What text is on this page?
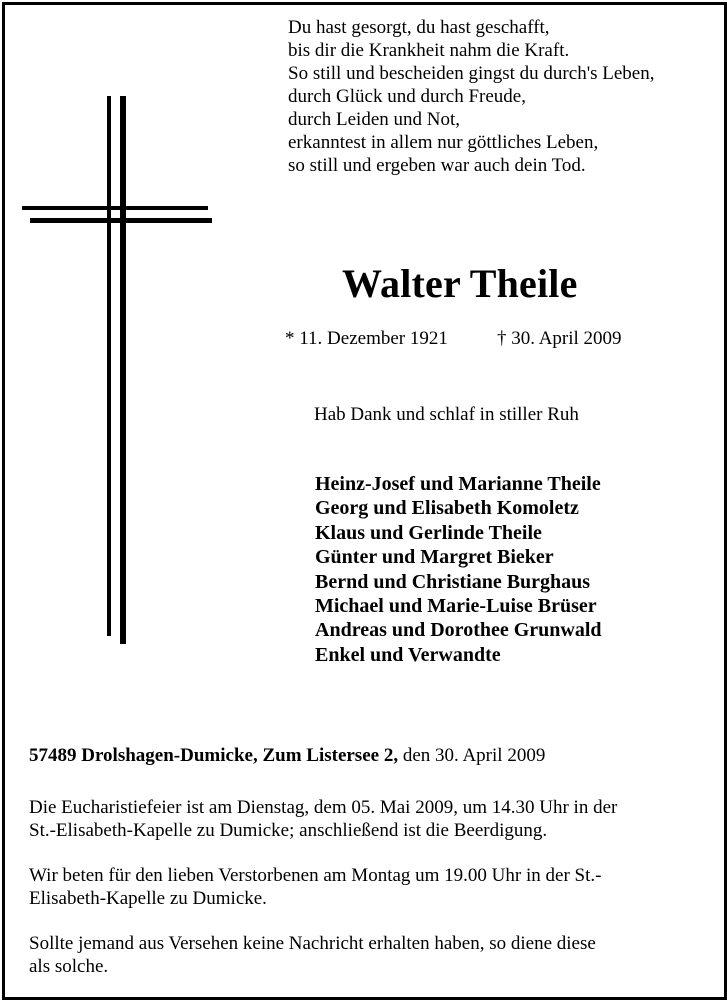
Du hast gesorgt, du hast geschafft,
bis dir die Krankheit nahm die Kraft.
So still und bescheiden gingst du durch's Leben,
durch Glück und durch Freude,
durch Leiden und Not,
erkanntest in allem nur göttliches Leben,
so still und ergeben war auch dein Tod.
Walter Theile
* 11. Dezember 1921	† 30. April 2009
Hab Dank und schlaf in stiller Ruh
Heinz-Josef und Marianne Theile
Georg und Elisabeth Komoletz
Klaus und Gerlinde Theile
Günter und Margret Bieker
Bernd und Christiane Burghaus
Michael und Marie-Luise Brüser
Andreas und Dorothee Grunwald
Enkel und Verwandte
57489 Drolshagen-Dumicke, Zum Listersee 2, den 30. April 2009
Die Eucharistiefeier ist am Dienstag, dem 05. Mai 2009, um 14.30 Uhr in der
St.-Elisabeth-Kapelle zu Dumicke; anschließend ist die Beerdigung.
Wir beten für den lieben Verstorbenen am Montag um 19.00 Uhr in der St.-
Elisabeth-Kapelle zu Dumicke.
Sollte jemand aus Versehen keine Nachricht erhalten haben, so diene diese
als solche.
